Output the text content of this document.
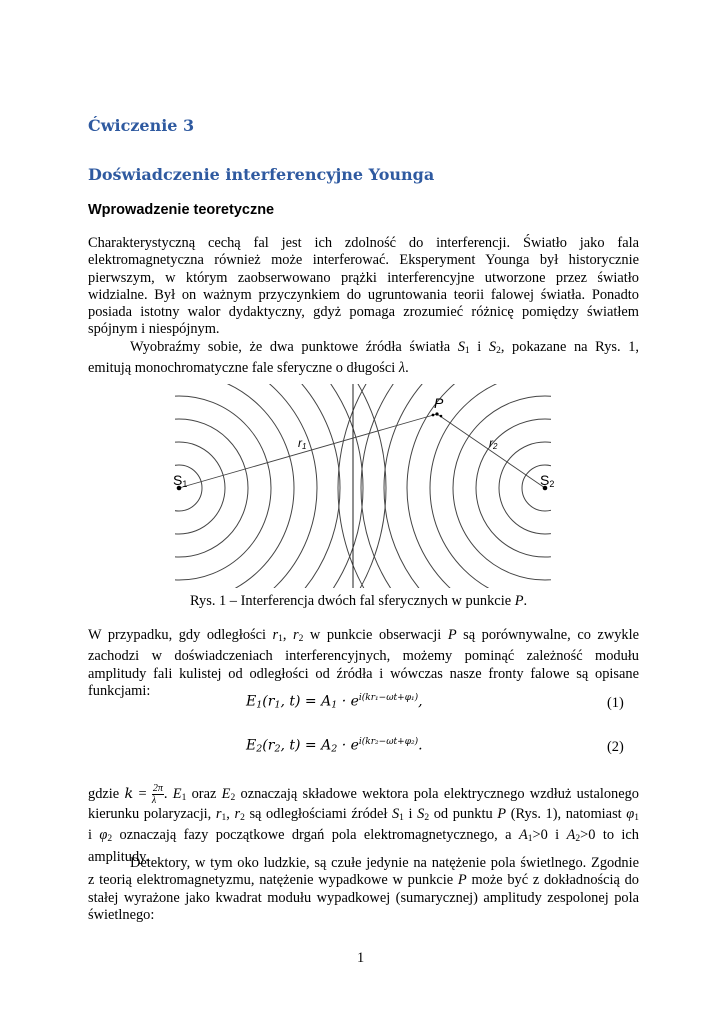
Ćwiczenie 3
Doświadczenie interferencyjne Younga
Wprowadzenie teoretyczne
Charakterystyczną cechą fal jest ich zdolność do interferencji. Światło jako fala
elektromagnetyczna również może interferować. Eksperyment Younga był historycznie
pierwszym, w którym zaobserwowano prążki interferencyjne utworzone przez światło
widzialne. Był on ważnym przyczynkiem do ugruntowania teorii falowej światła. Ponadto
posiada istotny walor dydaktyczny, gdyż pomaga zrozumieć różnicę pomiędzy światłem
spójnym i niespójnym.
Wyobraźmy sobie, że dwa punktowe źródła światła $S_1$ i $S_2$, pokazane na Rys. 1,
emitują monochromatyczne fale sferyczne o długości λ.
P
r1	r2
S1	S2
Rys. 1 – Interferencja dwóch fal sferycznych w punkcie P.
W przypadku, gdy odległości $r_1$, $r_2$ w punkcie obserwacji P są porównywalne, co zwykle
zachodzi w doświadczeniach interferencyjnych, możemy pominąć zależność modułu
amplitudy fali kulistej od odległości od źródła i wówczas nasze fronty falowe są opisane
funkcjami:
$E_1(r_1$, $t) = A_1 \cdot e^{i(kr_1-\omega t+\varphi_1)}$,	(1)
$E_2(r_2$, $t) = A_2 \cdot e^{i(kr_2-\omega t+\varphi_2)}$.	(2)
gdzie $k = \frac{2\pi}{\lambda}$ . $E_1$ oraz $E_2$ oznaczają składowe wektora pola elektrycznego wzdłuż ustalonego
kierunku polaryzacji, $r_1$, $r_2$ są odległościami źródeł $S_1$ i $S_2$ od punktu P (Rys. 1), natomiast $\varphi_1$
i $\varphi_2$ oznaczają fazy początkowe drgań pola elektromagnetycznego, a $A_1>0$ i $A_2>0$ to ich
amplitudy.
Detektory, w tym oko ludzkie, są czułe jedynie na natężenie pola świetlnego. Zgodnie
z teorią elektromagnetyzmu, natężenie wypadkowe w punkcie P może być z dokładnością do
stałej wyrażone jako kwadrat modułu wypadkowej (sumarycznej) amplitudy zespolonej pola
świetlnego:
1
